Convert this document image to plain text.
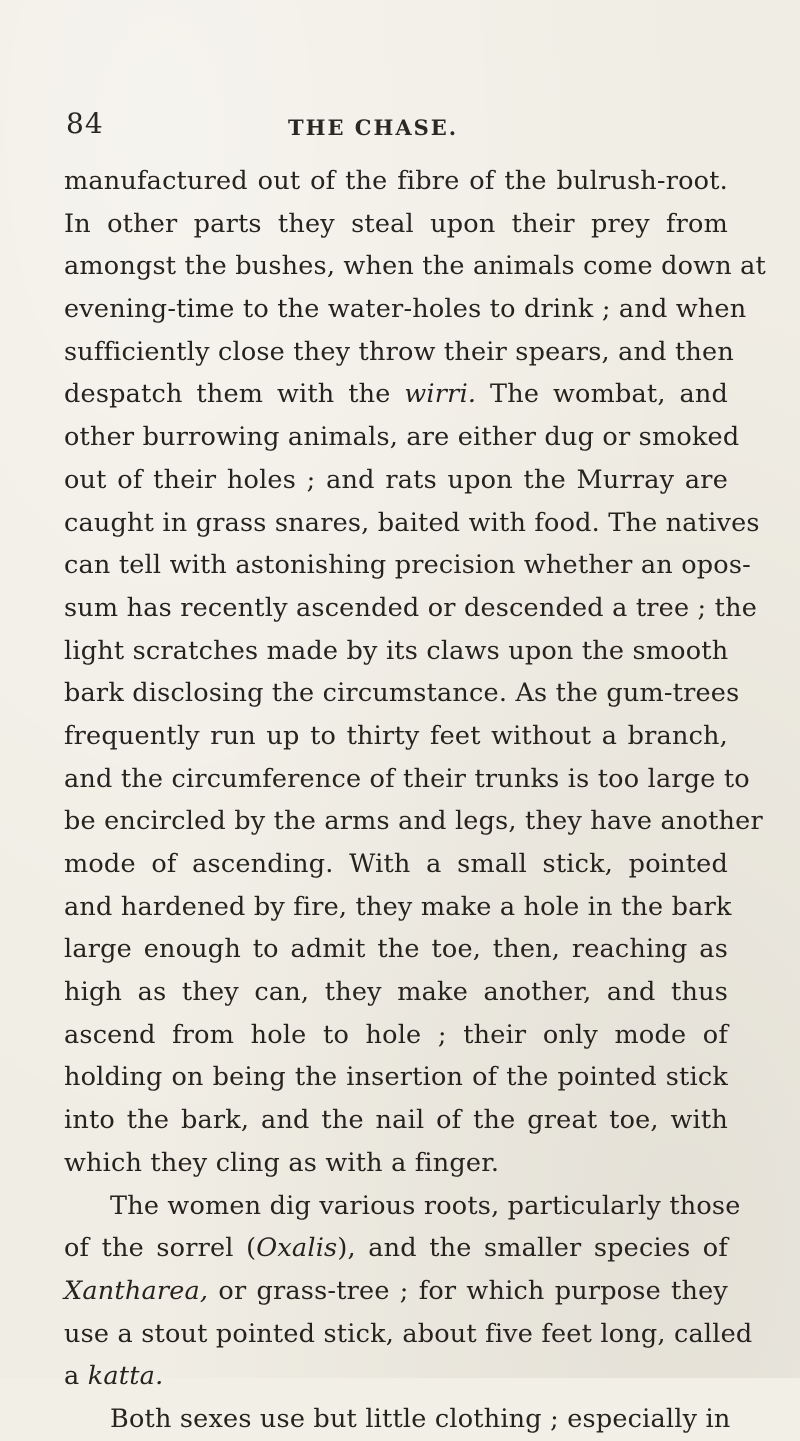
84	THE CHASE.
manufactured out of the fibre of the bulrush-root.
In other parts they steal upon their prey from
amongst the bushes, when the animals come down at
evening-time to the water-holes to drink ; and when
sufficiently close they throw their spears, and then
despatch them with the wirri. The wombat, and
other burrowing animals, are either dug or smoked
out of their holes ; and rats upon the Murray are
caught in grass snares, baited with food. The natives
can tell with astonishing precision whether an opos-
sum has recently ascended or descended a tree ; the
light scratches made by its claws upon the smooth
bark disclosing the circumstance. As the gum-trees
frequently run up to thirty feet without a branch,
and the circumference of their trunks is too large to
be encircled by the arms and legs, they have another
mode of ascending. With a small stick, pointed
and hardened by fire, they make a hole in the bark
large enough to admit the toe, then, reaching as
high as they can, they make another, and thus
ascend from hole to hole ; their only mode of
holding on being the insertion of the pointed stick
into the bark, and the nail of the great toe, with
which they cling as with a finger.
The women dig various roots, particularly those
of the sorrel (Oxalis), and the smaller species of
Xantharea, or grass-tree ; for which purpose they
use a stout pointed stick, about five feet long, called
a katta.
Both sexes use but little clothing ; especially in
